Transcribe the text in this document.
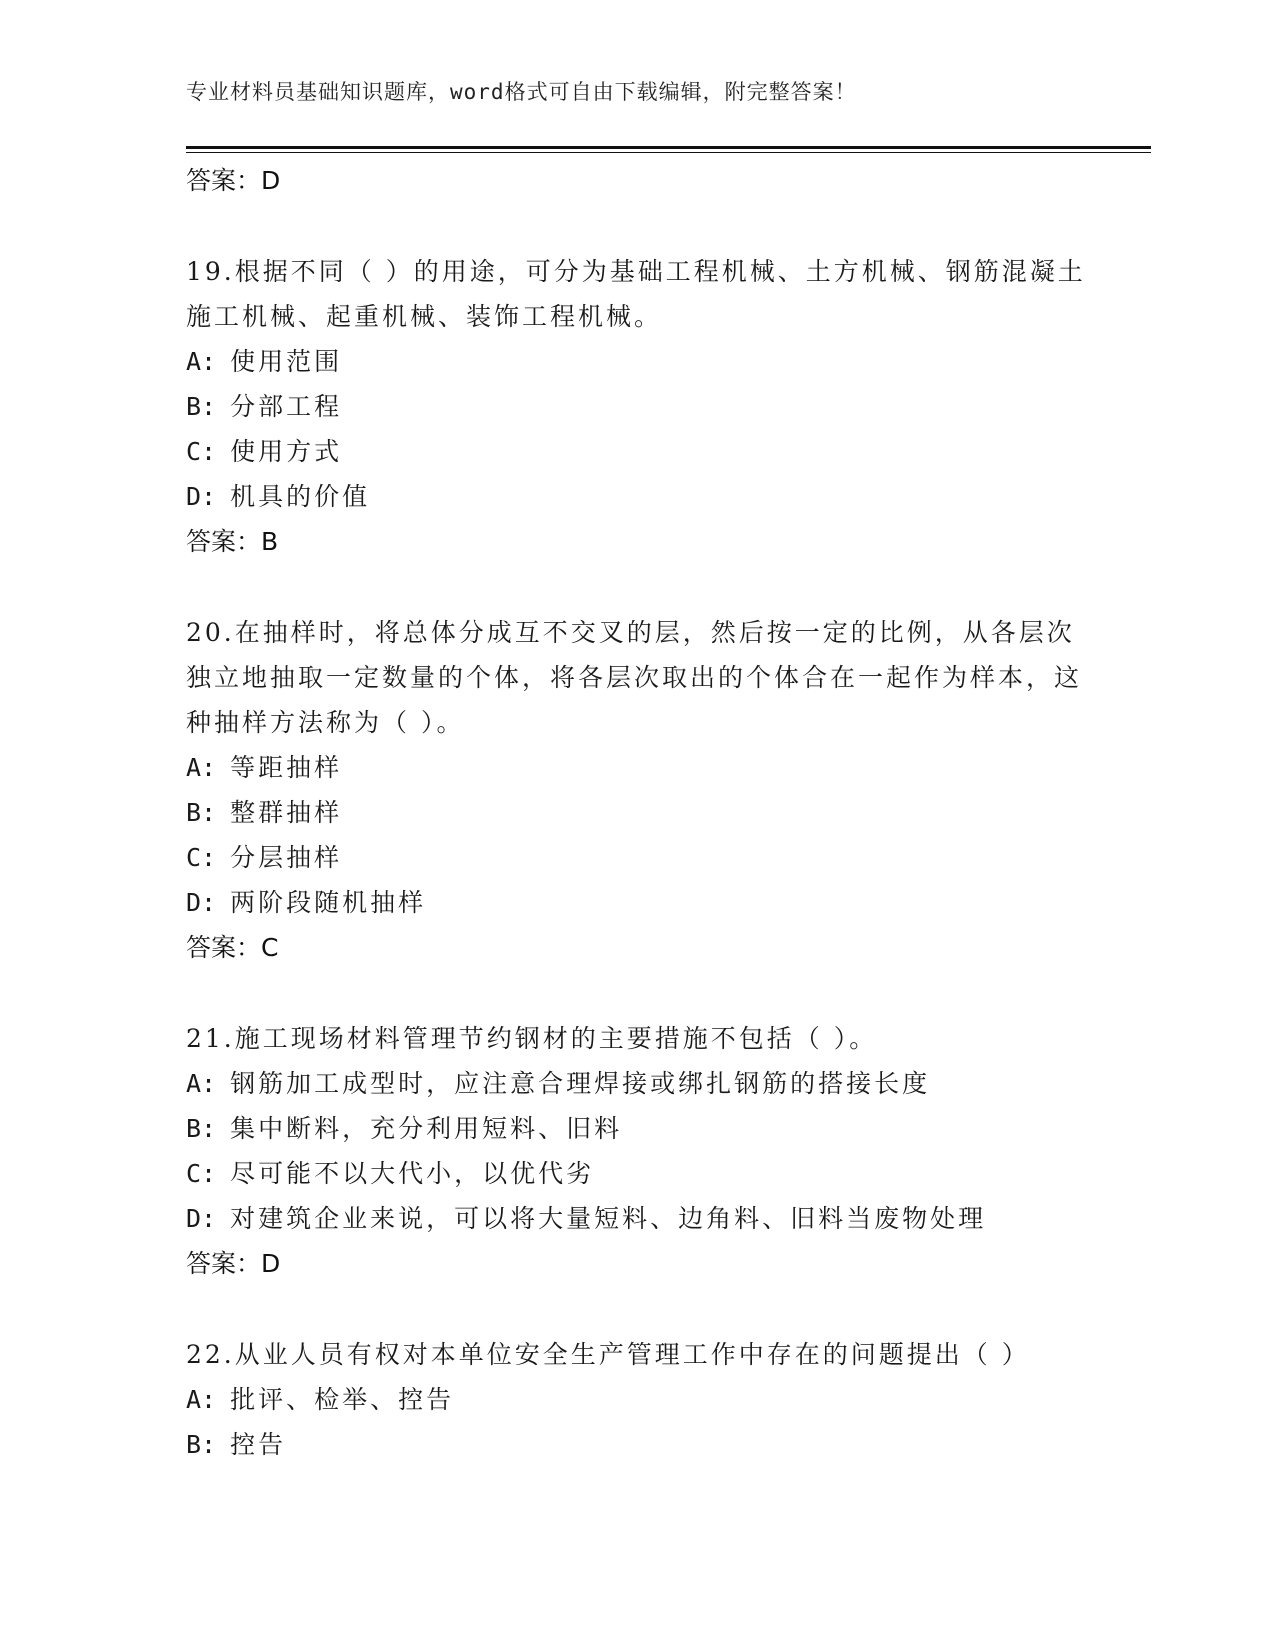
专业材料员基础知识题库，word格式可自由下载编辑，附完整答案！
答案：D
19.根据不同（ ）的用途，可分为基础工程机械、土方机械、钢筋混凝土施工机械、起重机械、装饰工程机械。
A: 使用范围
B: 分部工程
C: 使用方式
D: 机具的价值
答案：B
20.在抽样时，将总体分成互不交叉的层，然后按一定的比例，从各层次独立地抽取一定数量的个体，将各层次取出的个体合在一起作为样本，这种抽样方法称为（ ）。
A: 等距抽样
B: 整群抽样
C: 分层抽样
D: 两阶段随机抽样
答案：C
21.施工现场材料管理节约钢材的主要措施不包括（ ）。
A: 钢筋加工成型时，应注意合理焊接或绑扎钢筋的搭接长度
B: 集中断料，充分利用短料、旧料
C: 尽可能不以大代小，以优代劣
D: 对建筑企业来说，可以将大量短料、边角料、旧料当废物处理
答案：D
22.从业人员有权对本单位安全生产管理工作中存在的问题提出（ ）
A: 批评、检举、控告
B: 控告
